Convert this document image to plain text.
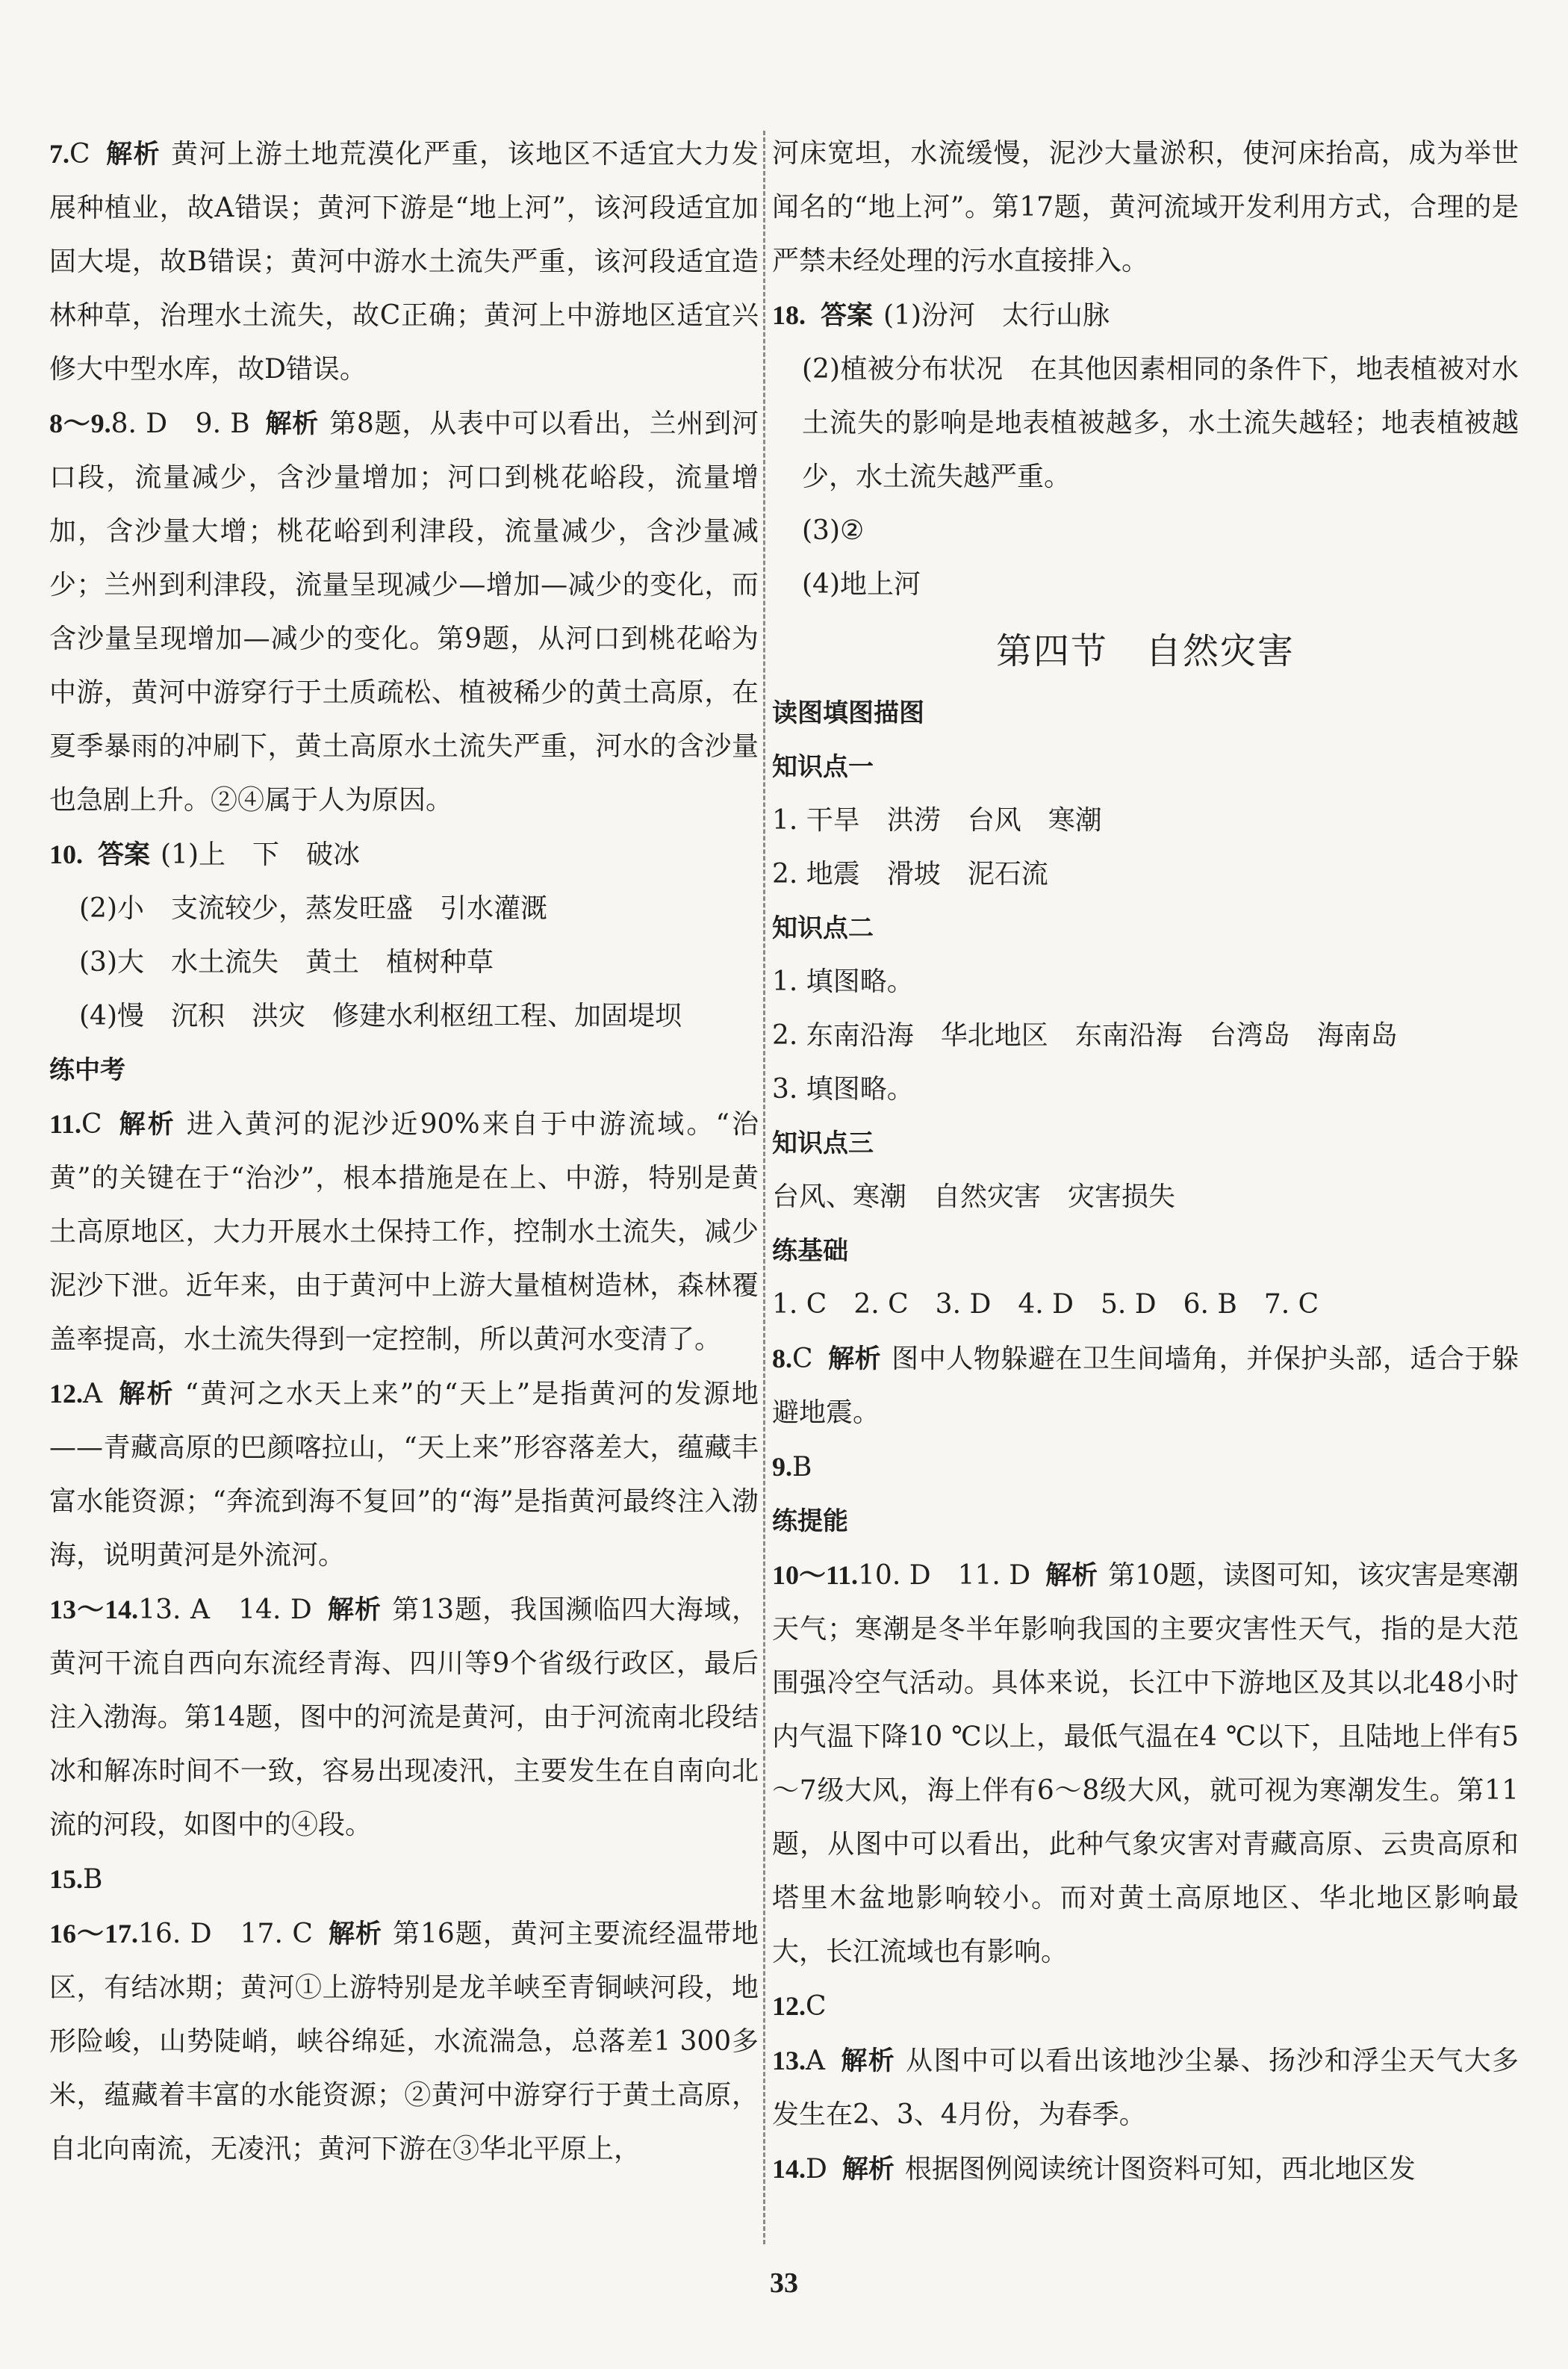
7.C 解析 黄河上游土地荒漠化严重，该地区不适宜大力发展种植业，故A错误；黄河下游是“地上河”，该河段适宜加固大堤，故B错误；黄河中游水土流失严重，该河段适宜造林种草，治理水土流失，故C正确；黄河上中游地区适宜兴修大中型水库，故D错误。
8～9.8. D　9. B 解析 第8题，从表中可以看出，兰州到河口段，流量减少，含沙量增加；河口到桃花峪段，流量增加，含沙量大增；桃花峪到利津段，流量减少，含沙量减少；兰州到利津段，流量呈现减少—增加—减少的变化，而含沙量呈现增加—减少的变化。第9题，从河口到桃花峪为中游，黄河中游穿行于土质疏松、植被稀少的黄土高原，在夏季暴雨的冲刷下，黄土高原水土流失严重，河水的含沙量也急剧上升。②④属于人为原因。
10. 答案 (1)上　下　破冰
(2)小　支流较少，蒸发旺盛　引水灌溉
(3)大　水土流失　黄土　植树种草
(4)慢　沉积　洪灾　修建水利枢纽工程、加固堤坝
练中考
11.C 解析 进入黄河的泥沙近90%来自于中游流域。“治黄”的关键在于“治沙”，根本措施是在上、中游，特别是黄土高原地区，大力开展水土保持工作，控制水土流失，减少泥沙下泄。近年来，由于黄河中上游大量植树造林，森林覆盖率提高，水土流失得到一定控制，所以黄河水变清了。
12.A 解析 “黄河之水天上来”的“天上”是指黄河的发源地——青藏高原的巴颜喀拉山，“天上来”形容落差大，蕴藏丰富水能资源；“奔流到海不复回”的“海”是指黄河最终注入渤海，说明黄河是外流河。
13～14.13. A　14. D 解析 第13题，我国濒临四大海域，黄河干流自西向东流经青海、四川等9个省级行政区，最后注入渤海。第14题，图中的河流是黄河，由于河流南北段结冰和解冻时间不一致，容易出现凌汛，主要发生在自南向北流的河段，如图中的④段。
15.B
16～17.16. D　17. C 解析 第16题，黄河主要流经温带地区，有结冰期；黄河①上游特别是龙羊峡至青铜峡河段，地形险峻，山势陡峭，峡谷绵延，水流湍急，总落差1 300多米，蕴藏着丰富的水能资源；②黄河中游穿行于黄土高原，自北向南流，无凌汛；黄河下游在③华北平原上，
河床宽坦，水流缓慢，泥沙大量淤积，使河床抬高，成为举世闻名的“地上河”。第17题，黄河流域开发利用方式，合理的是严禁未经处理的污水直接排入。
18. 答案 (1)汾河　太行山脉
(2)植被分布状况　在其他因素相同的条件下，地表植被对水土流失的影响是地表植被越多，水土流失越轻；地表植被越少，水土流失越严重。
(3)②
(4)地上河
第四节　自然灾害
读图填图描图
知识点一
1. 干旱　洪涝　台风　寒潮
2. 地震　滑坡　泥石流
知识点二
1. 填图略。
2. 东南沿海　华北地区　东南沿海　台湾岛　海南岛
3. 填图略。
知识点三
台风、寒潮　自然灾害　灾害损失
练基础
1. C　2. C　3. D　4. D　5. D　6. B　7. C
8.C 解析 图中人物躲避在卫生间墙角，并保护头部，适合于躲避地震。
9.B
练提能
10～11.10. D　11. D 解析 第10题，读图可知，该灾害是寒潮天气；寒潮是冬半年影响我国的主要灾害性天气，指的是大范围强冷空气活动。具体来说，长江中下游地区及其以北48小时内气温下降10 ℃以上，最低气温在4 ℃以下，且陆地上伴有5～7级大风，海上伴有6～8级大风，就可视为寒潮发生。第11题，从图中可以看出，此种气象灾害对青藏高原、云贵高原和塔里木盆地影响较小。而对黄土高原地区、华北地区影响最大，长江流域也有影响。
12.C
13.A 解析 从图中可以看出该地沙尘暴、扬沙和浮尘天气大多发生在2、3、4月份，为春季。
14.D 解析 根据图例阅读统计图资料可知，西北地区发
33
